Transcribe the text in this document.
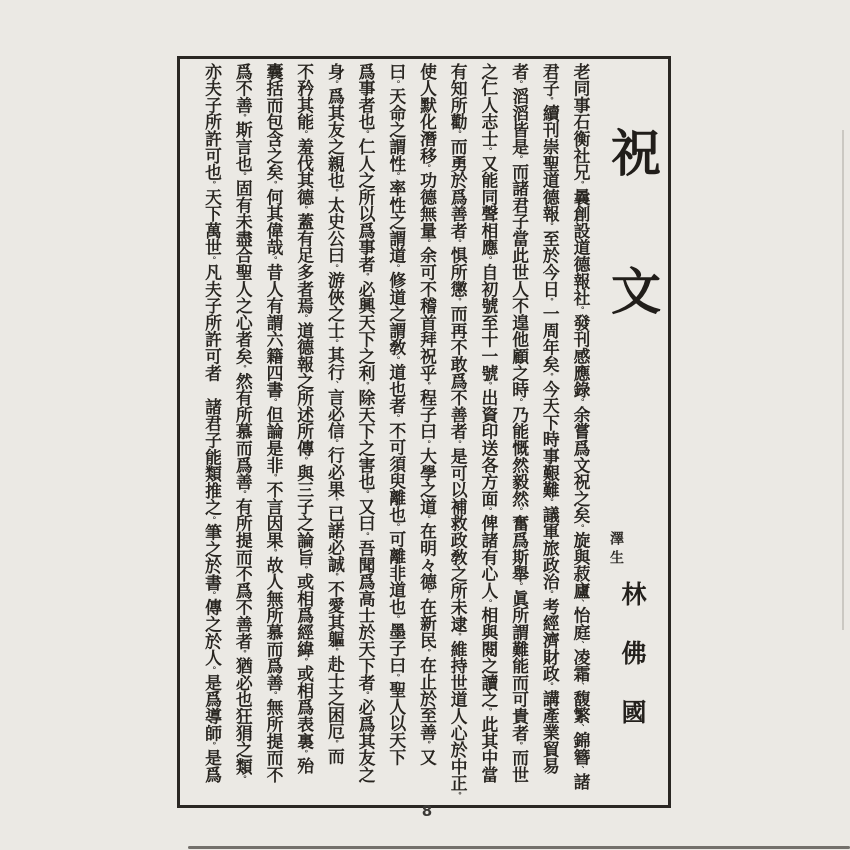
祝文
澤生
林佛國
老同事石衡社兄。曩創設道德報社。發刊感應錄。余嘗爲文祝之矣。旋與菽廬、怡庭、凌霜、馥繁、錦簪、諸
君子。續刊崇聖道德報。至於今日。一周年矣。今天下時事艱難。議軍旅政治。考經濟財政。講產業貿易
者。滔滔皆是。而諸君子當此世人不遑他顧之時。乃能慨然毅然。奮爲斯舉。眞所謂難能而可貴者。而世
之仁人志士。又能同聲相應。自初號至十一號。出資印送各方面。俾諸有心人。相與閱之讀之。此其中當
有知所勸。而勇於爲善者。惧所懲。而再不敢爲不善者。是可以補救政敎之所未逮。維持世道人心於中正。
使人默化潛移。功德無量。余可不稽首拜祝乎。程子曰。大學之道。在明々德。在新民。在止於至善。又
曰。天命之謂性。率性之謂道。修道之謂敎。道也者。不可須臾離也。可離非道也。墨子曰。聖人以天下
爲事者也。仁人之所以爲事者。必興天下之利。除天下之害也。又曰。吾聞爲高士於天下者。必爲其友之
身。爲其友之親也。太史公曰。游俠之士。其行、言必信。行必果。已諾必誠。不愛其軀。赴士之困厄。而
不矜其能。羞伐其德。蓋有足多者焉。道德報之所述所傳。與三子之論旨。或相爲經緯。或相爲表裏。殆
囊括而包含之矣。何其偉哉。昔人有謂六籍四書。但論是非。不言因果。故人無所慕而爲善。無所提而不
爲不善。斯言也。固有未盡合聖人之心者矣。然有所慕而爲善。有所提而不爲不善者。猶必也狂狷之類。
亦夫子所許可也。天下萬世。凡夫子所許可者　諸君子能類推之。筆之於書。傳之於人。是爲導師。是爲
8
